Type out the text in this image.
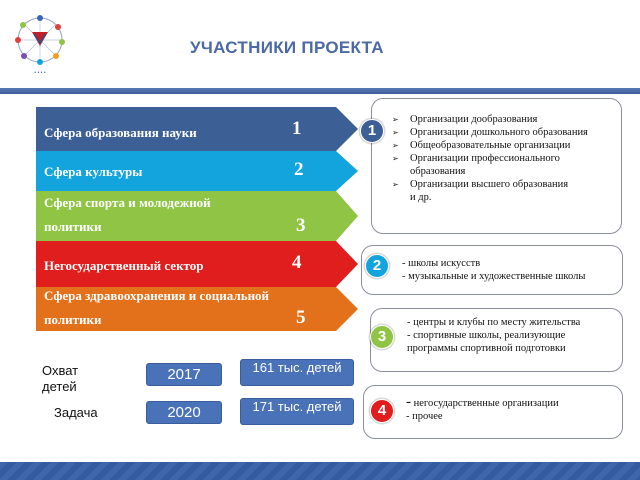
• • • •
УЧАСТНИКИ ПРОЕКТА
Сфера образования науки	1
Сфера культуры	2
Сфера спорта и молодежной
политики	3
Негосударственный сектор	4
Сфера здравоохранения и социальной
политики	5
➢ Организации дообразования
➢ Организации дошкольного образования
➢ Общеобразовательные организации
➢ Организации профессионального образования
➢ Организации высшего образования
и др.
1
- школы искусств
- музыкальные и художественные школы
2
- центры и клубы по месту жительства
- спортивные школы, реализующие программы спортивной подготовки
3
- негосударственные организации
- прочее
4
Охват
детей
2017	161 тыс. детей
Задача	2020	171 тыс. детей
